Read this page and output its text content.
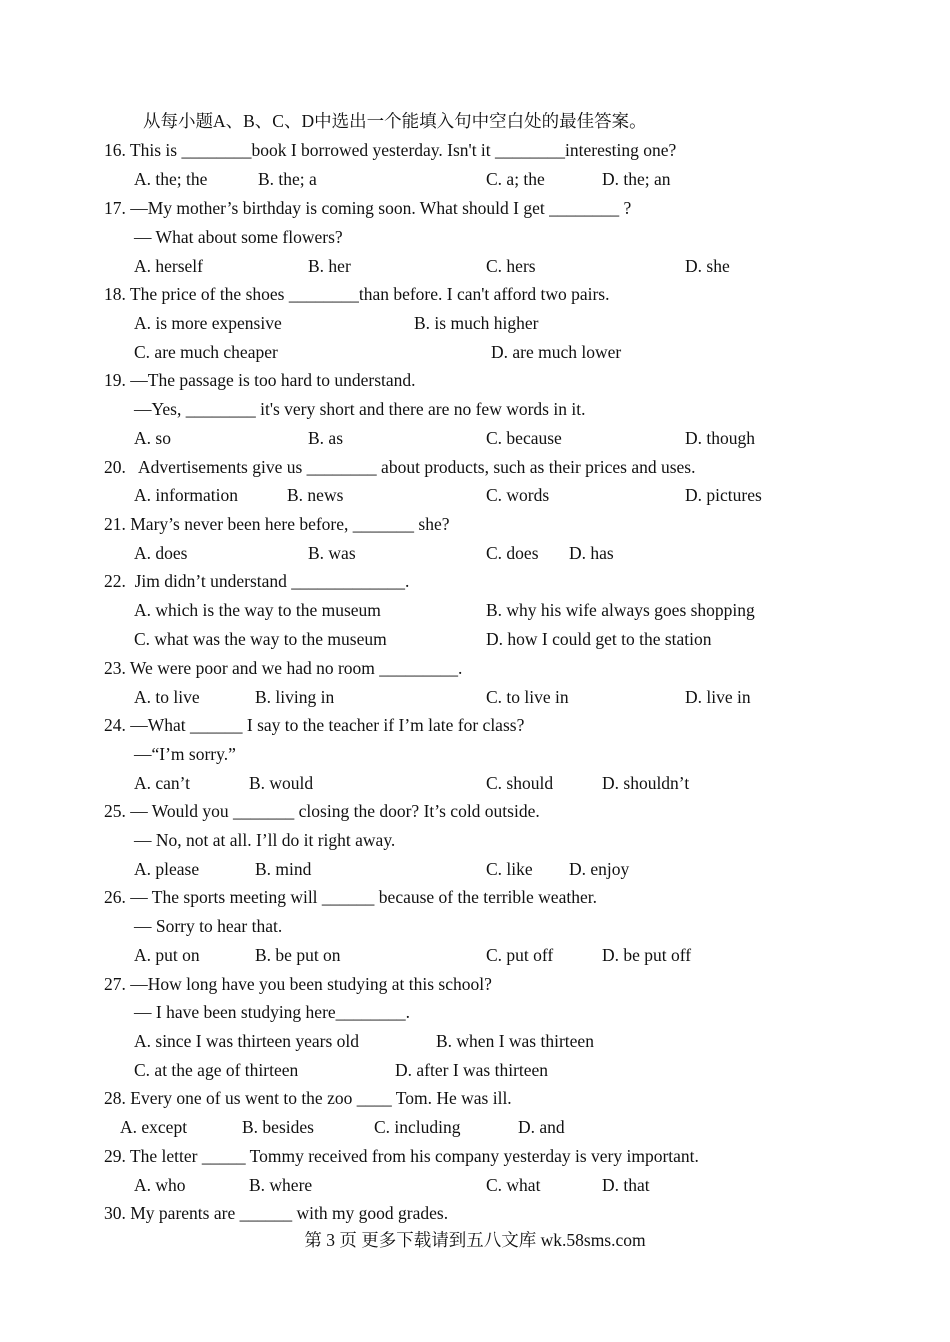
从每小题A、B、C、D中选出一个能填入句中空白处的最佳答案。
16. This is ________book I borrowed yesterday. Isn't it ________interesting one?
A. the; the	B. the; a	C. a; the	D. the; an
17. —My mother’s birthday is coming soon. What should I get ________ ?
— What about some flowers?
A. herself	B. her	C. hers	D. she
18. The price of the shoes ________than before. I can't afford two pairs.
A. is more expensive	B. is much higher
C. are much cheaper	D. are much lower
19. —The passage is too hard to understand.
—Yes, ________ it's very short and there are no few words in it.
A. so	B. as	C. because	D. though
20.   Advertisements give us ________ about products, such as their prices and uses.
A. information	B. news	C. words	D. pictures
21. Mary’s never been here before, _______ she?
A. does	B. was	C. does D. has
22.  Jim didn’t understand _____________.
A. which is the way to the museum	B. why his wife always goes shopping
C. what was the way to the museum	D. how I could get to the station
23. We were poor and we had no room _________.
A. to live	B. living in	C. to live in	D. live in
24. —What ______ I say to the teacher if I’m late for class?
—“I’m sorry.”
A. can’t	B. would	C. should	D. shouldn’t
25. — Would you _______ closing the door? It’s cold outside.
— No, not at all. I’ll do it right away.
A. please	B. mind	C. like D. enjoy
26. — The sports meeting will ______ because of the terrible weather.
— Sorry to hear that.
A. put on	B. be put on	C. put off	D. be put off
27. —How long have you been studying at this school?
— I have been studying here________.
A. since I was thirteen years old	B. when I was thirteen
C. at the age of thirteen	D. after I was thirteen
28. Every one of us went to the zoo ____ Tom. He was ill.
A. except	B. besides	C. including	D. and
29. The letter _____ Tommy received from his company yesterday is very important.
A. who	B. where	C. what	D. that
30. My parents are ______ with my good grades.
第 3 页 更多下载请到五八文库 wk.58sms.com
